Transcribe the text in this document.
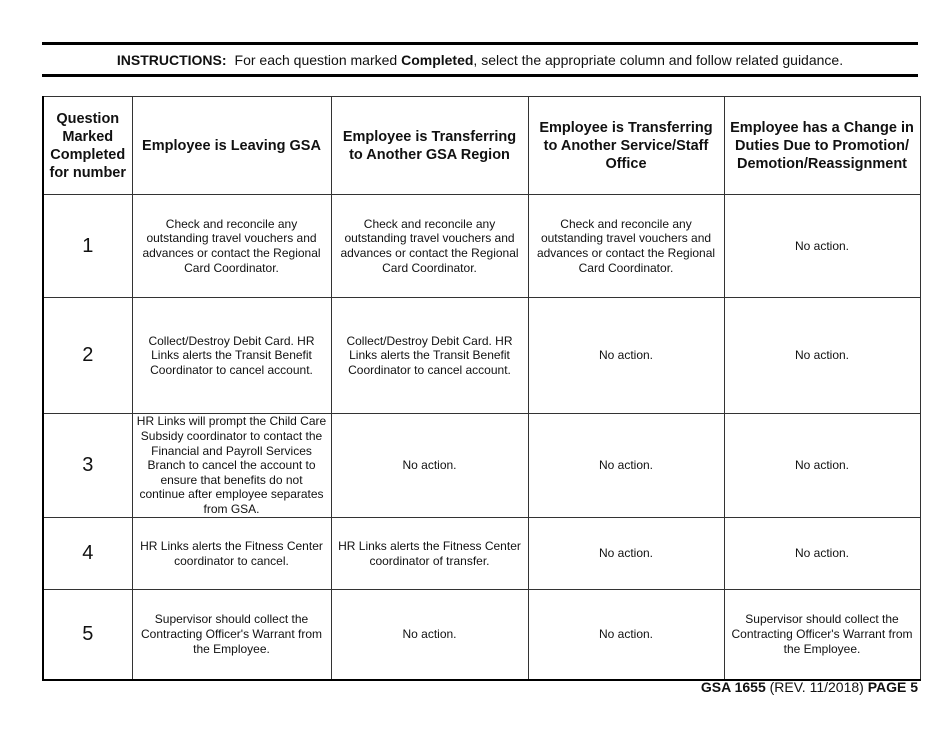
INSTRUCTIONS: For each question marked Completed, select the appropriate column and follow related guidance.
Question Marked Completed for number	Employee is Leaving GSA	Employee is Transferring to Another GSA Region	Employee is Transferring to Another Service/Staff Office	Employee has a Change in Duties Due to Promotion/ Demotion/Reassignment
1	Check and reconcile any outstanding travel vouchers and advances or contact the Regional Card Coordinator.	Check and reconcile any outstanding travel vouchers and advances or contact the Regional Card Coordinator.	Check and reconcile any outstanding travel vouchers and advances or contact the Regional Card Coordinator.	No action.
2	Collect/Destroy Debit Card. HR Links alerts the Transit Benefit Coordinator to cancel account.	Collect/Destroy Debit Card. HR Links alerts the Transit Benefit Coordinator to cancel account.	No action.	No action.
3	HR Links will prompt the Child Care Subsidy coordinator to contact the Financial and Payroll Services Branch to cancel the account to ensure that benefits do not continue after employee separates from GSA.	No action.	No action.	No action.
4	HR Links alerts the Fitness Center coordinator to cancel.	HR Links alerts the Fitness Center coordinator of transfer.	No action.	No action.
5	Supervisor should collect the Contracting Officer's Warrant from the Employee.	No action.	No action.	Supervisor should collect the Contracting Officer's Warrant from the Employee.
GSA 1655 (REV. 11/2018) PAGE 5
